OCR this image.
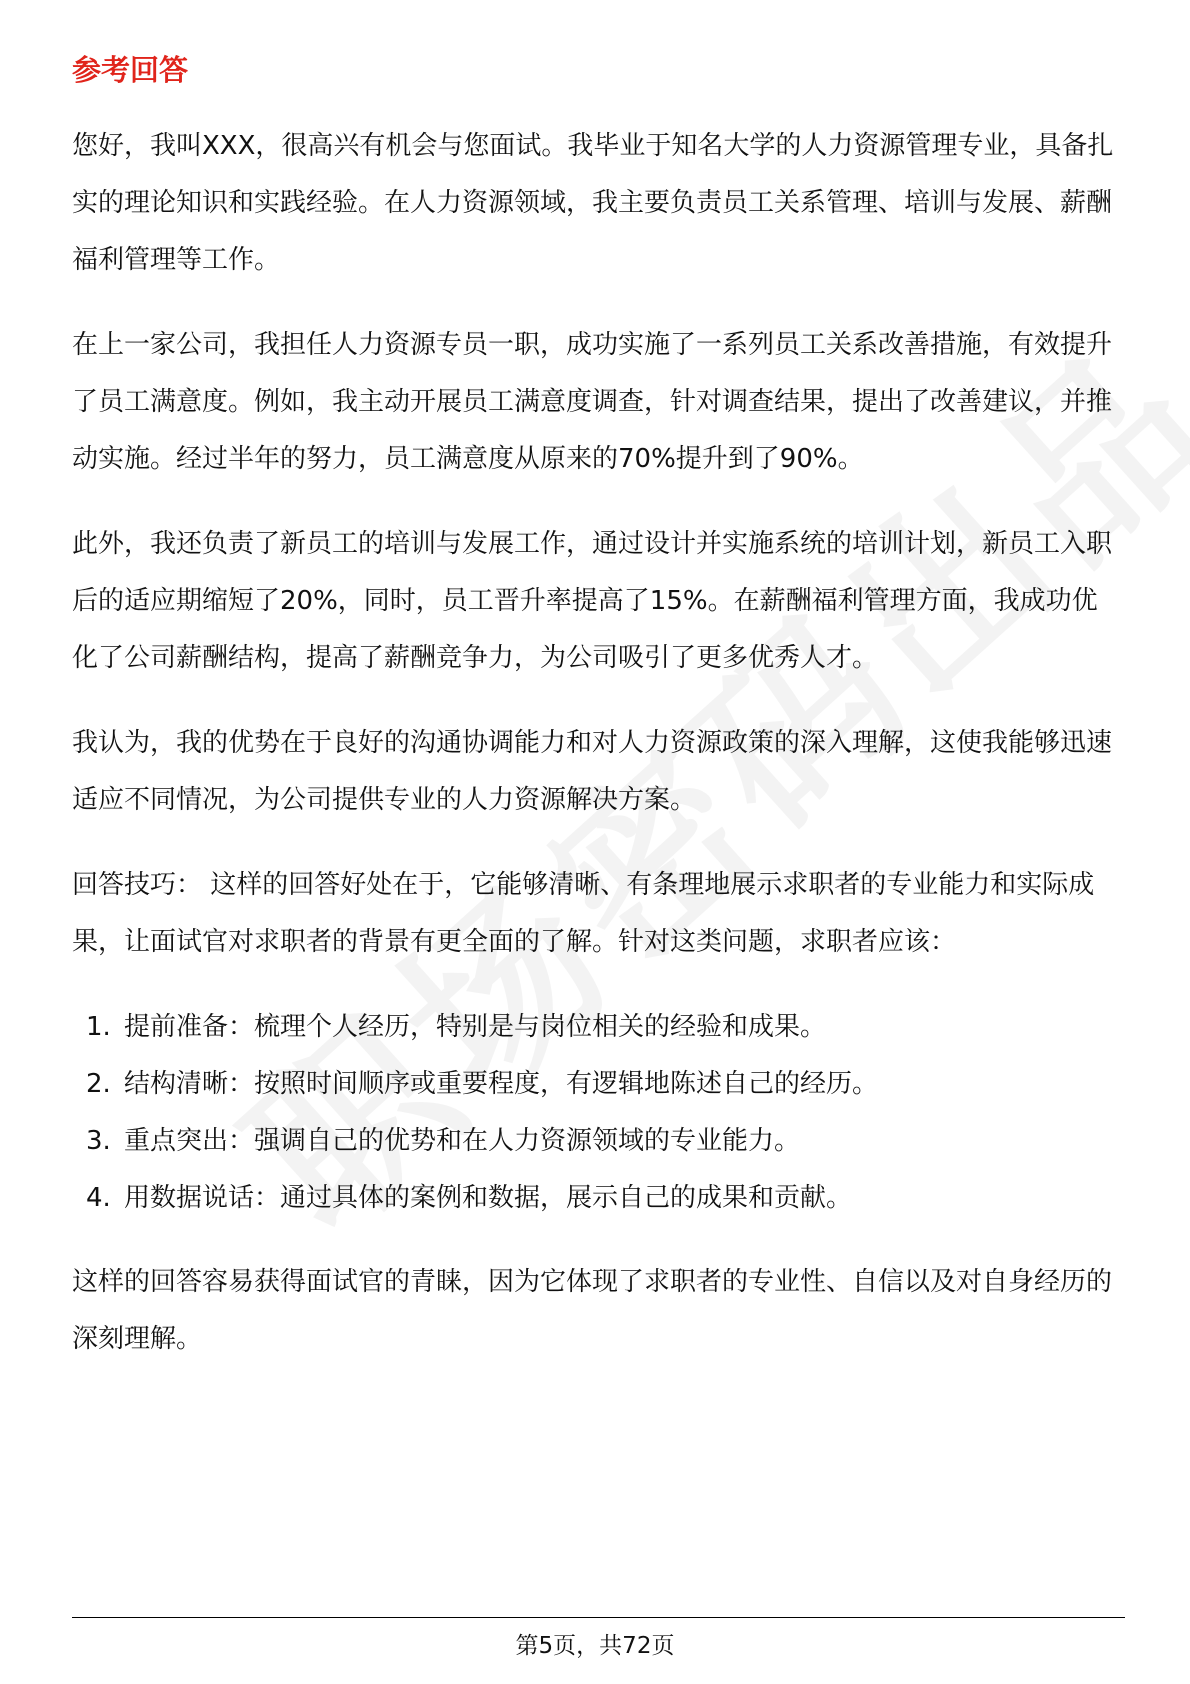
参考回答

您好，我叫XXX，很高兴有机会与您面试。我毕业于知名大学的人力资源管理专业，具备扎实的理论知识和实践经验。在人力资源领域，我主要负责员工关系管理、培训与发展、薪酬福利管理等工作。

在上一家公司，我担任人力资源专员一职，成功实施了一系列员工关系改善措施，有效提升了员工满意度。例如，我主动开展员工满意度调查，针对调查结果，提出了改善建议，并推动实施。经过半年的努力，员工满意度从原来的70%提升到了90%。

此外，我还负责了新员工的培训与发展工作，通过设计并实施系统的培训计划，新员工入职后的适应期缩短了20%，同时，员工晋升率提高了15%。在薪酬福利管理方面，我成功优化了公司薪酬结构，提高了薪酬竞争力，为公司吸引了更多优秀人才。

我认为，我的优势在于良好的沟通协调能力和对人力资源政策的深入理解，这使我能够迅速适应不同情况，为公司提供专业的人力资源解决方案。

回答技巧： 这样的回答好处在于，它能够清晰、有条理地展示求职者的专业能力和实际成果，让面试官对求职者的背景有更全面的了解。针对这类问题，求职者应该：

1. 提前准备：梳理个人经历，特别是与岗位相关的经验和成果。
2. 结构清晰：按照时间顺序或重要程度，有逻辑地陈述自己的经历。
3. 重点突出：强调自己的优势和在人力资源领域的专业能力。
4. 用数据说话：通过具体的案例和数据，展示自己的成果和贡献。

这样的回答容易获得面试官的青睐，因为它体现了求职者的专业性、自信以及对自身经历的深刻理解。

第5页，共72页
